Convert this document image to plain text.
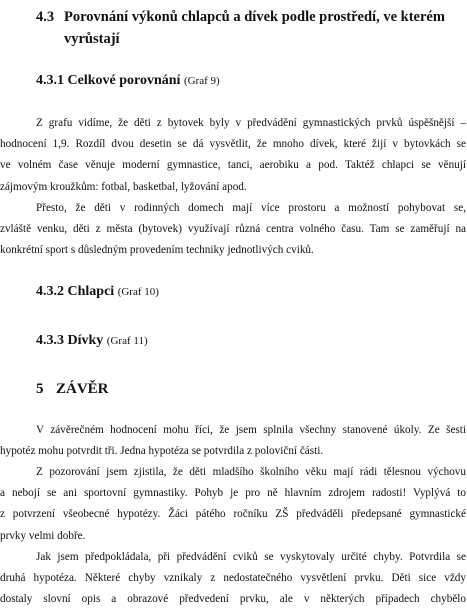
4.3 Porovnání výkonů chlapců a dívek podle prostředí, ve kterém
vyrůstají
4.3.1 Celkové porovnání (Graf 9)
Z grafu vidíme, že děti z bytovek byly v předvádění gymnastických prvků úspěšnější –
hodnocení 1,9. Rozdíl dvou desetin se dá vysvětlit, že mnoho dívek, které žijí v bytovkách se
ve volném čase věnuje moderní gymnastice, tanci, aerobiku a pod. Taktéž chlapci se věnují
zájmovým kroužkům: fotbal, basketbal, lyžování apod.
Přesto, že děti v rodinných domech mají více prostoru a možností pohybovat se,
zvláště venku, děti z města (bytovek) využívají různá centra volného času. Tam se zaměřují na
konkrétní sport s důsledným provedením techniky jednotlivých cviků.
4.3.2 Chlapci (Graf 10)
4.3.3 Dívky (Graf 11)
5 ZÁVĚR
V závěrečném hodnocení mohu říci, že jsem splnila všechny stanovené úkoly. Ze šesti
hypotéz mohu potvrdit tři. Jedna hypotéza se potvrdila z poloviční části.
Z pozorování jsem zjistila, že děti mladšího školního věku mají rádi tělesnou výchovu
a nebojí se ani sportovní gymnastiky. Pohyb je pro ně hlavním zdrojem radosti! Vyplývá to
z potvrzení všeobecné hypotézy. Žáci pátého ročníku ZŠ předváděli předepsané gymnastické
prvky velmi dobře.
Jak jsem předpokládala, při předvádění cviků se vyskytovaly určité chyby. Potvrdila se
druhá hypotéza. Některé chyby vznikaly z nedostatečného vysvětlení prvku. Děti sice vždy
dostaly slovní opis a obrazové předvedení prvku, ale v některých případech chybělo
